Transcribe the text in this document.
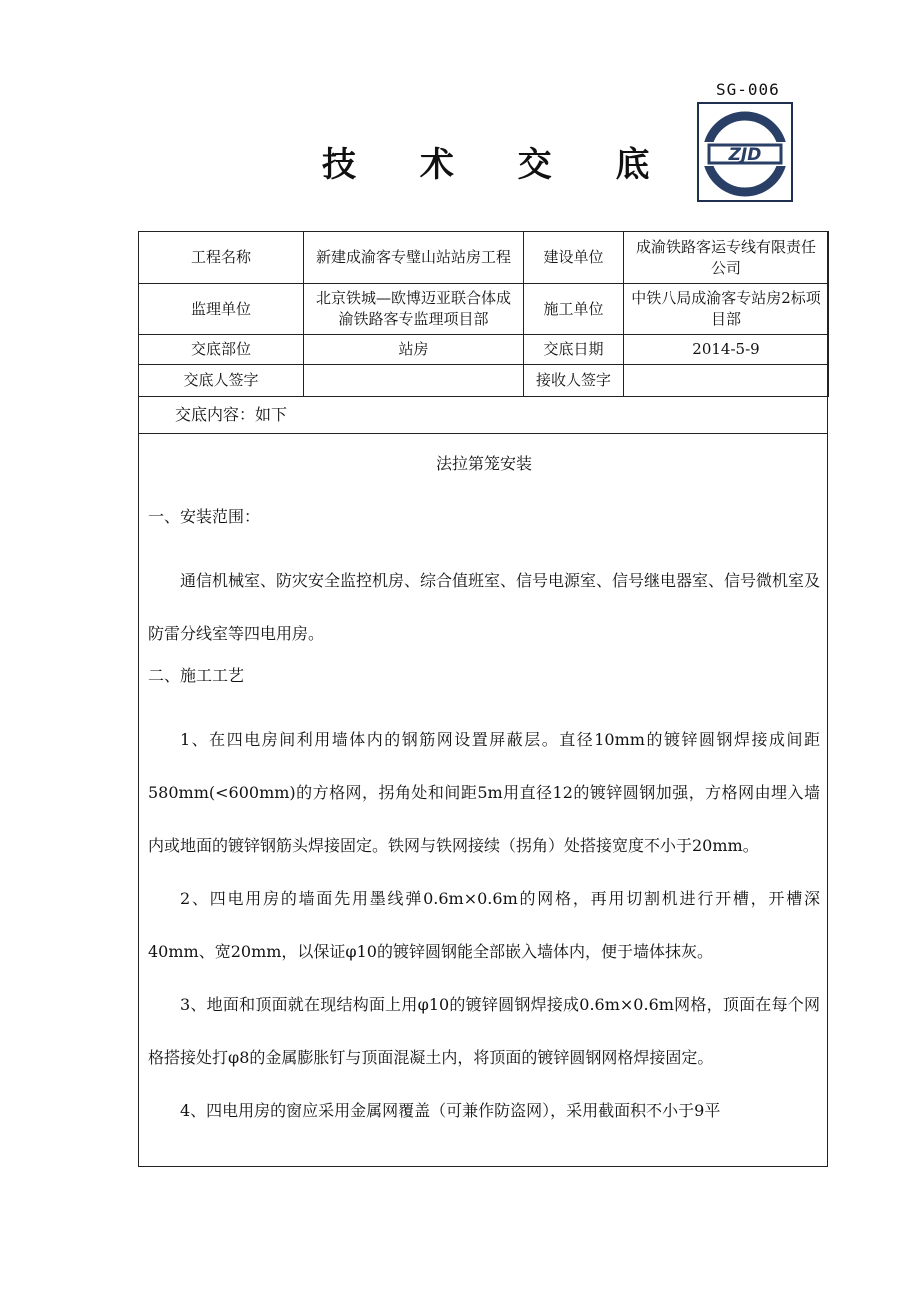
SG-006
ZJD
技 术 交 底
工程名称	新建成渝客专璧山站站房工程	建设单位	成渝铁路客运专线有限责任公司
监理单位	北京铁城—欧博迈亚联合体成渝铁路客专监理项目部	施工单位	中铁八局成渝客专站房2标项目部
交底部位	站房	交底日期	2014-5-9
交底人签字		接收人签字	
交底内容：如下
法拉第笼安装
一、安装范围：
通信机械室、防灾安全监控机房、综合值班室、信号电源室、信号继电器室、信号微机室及防雷分线室等四电用房。
二、施工工艺
1、在四电房间利用墙体内的钢筋网设置屏蔽层。直径10mm的镀锌圆钢焊接成间距580mm(<600mm)的方格网，拐角处和间距5m用直径12的镀锌圆钢加强，方格网由埋入墙内或地面的镀锌钢筋头焊接固定。铁网与铁网接续（拐角）处搭接宽度不小于20mm。
2、四电用房的墙面先用墨线弹0.6m×0.6m的网格，再用切割机进行开槽，开槽深40mm、宽20mm，以保证φ10的镀锌圆钢能全部嵌入墙体内，便于墙体抹灰。
3、地面和顶面就在现结构面上用φ10的镀锌圆钢焊接成0.6m×0.6m网格，顶面在每个网格搭接处打φ8的金属膨胀钉与顶面混凝土内，将顶面的镀锌圆钢网格焊接固定。
4、四电用房的窗应采用金属网覆盖（可兼作防盗网），采用截面积不小于9平
